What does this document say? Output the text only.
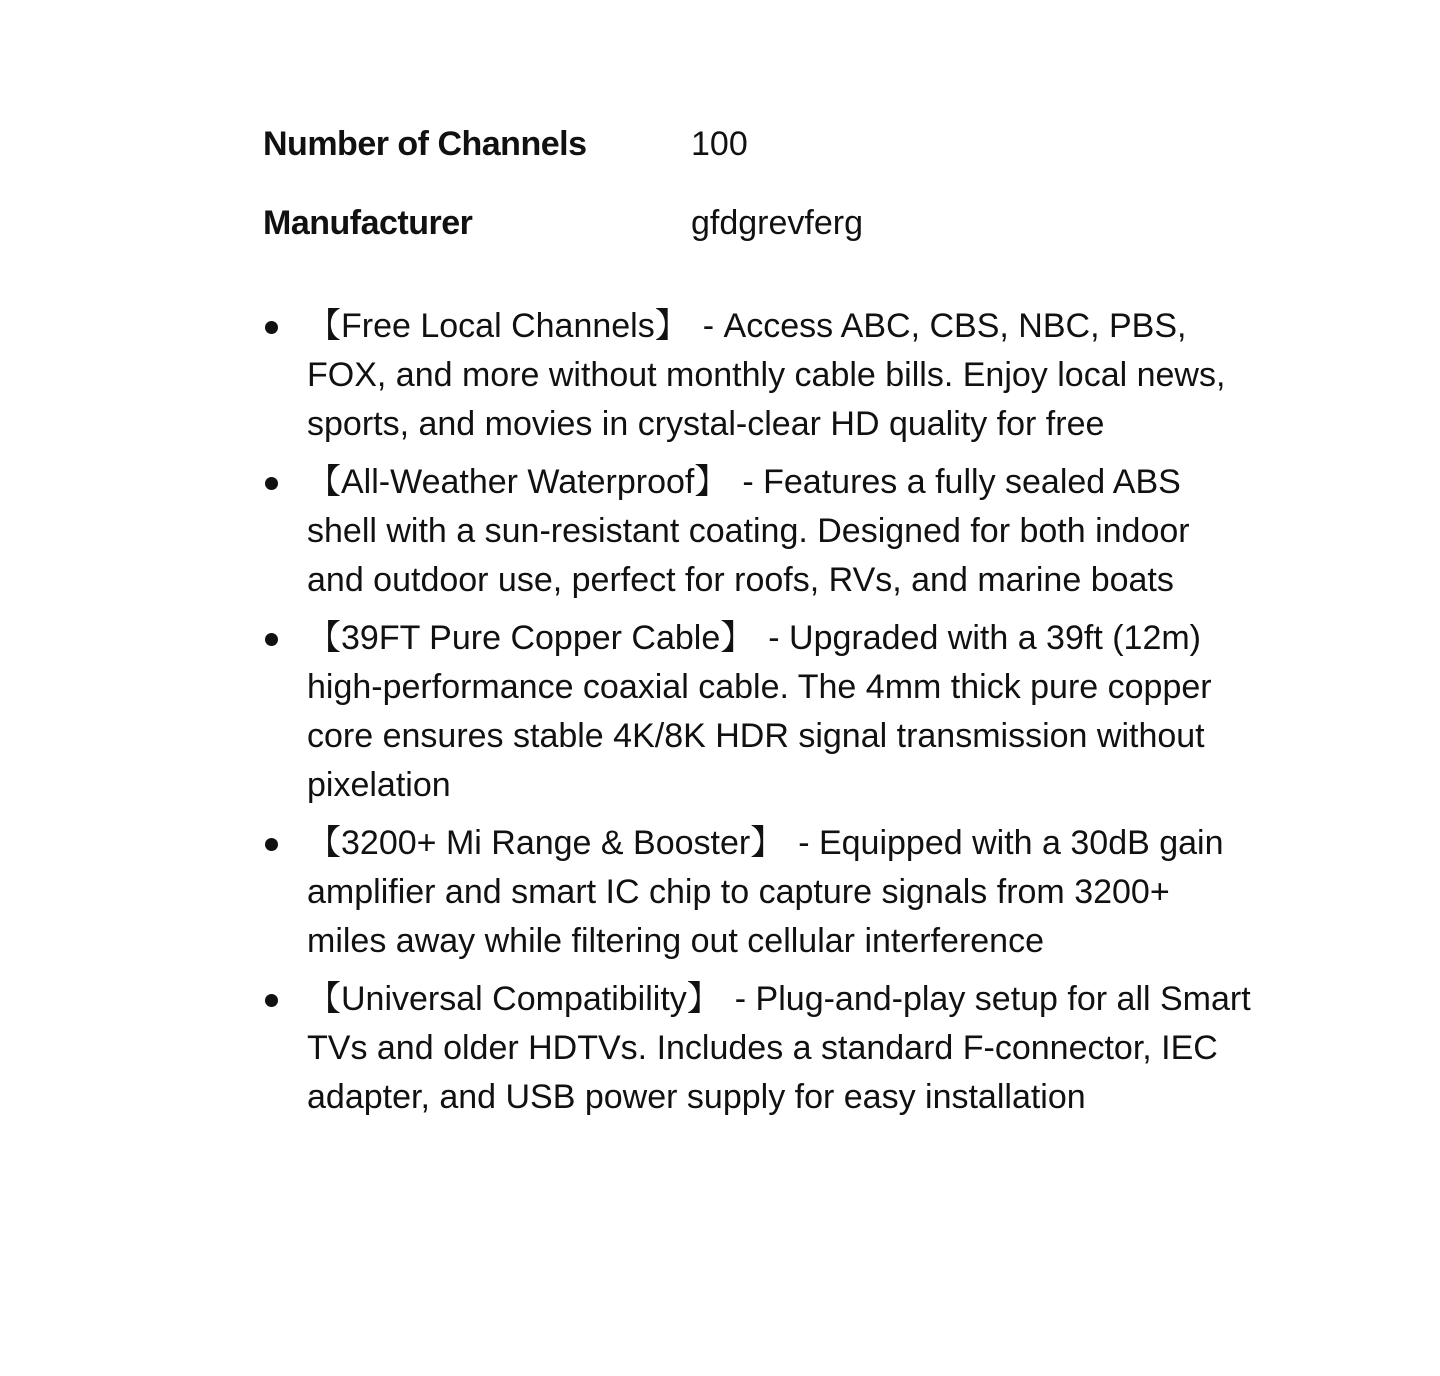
Number of Channels	100
Manufacturer	gfdgrevferg
【Free Local Channels】 - Access ABC, CBS, NBC, PBS, FOX, and more without monthly cable bills. Enjoy local news, sports, and movies in crystal-clear HD quality for free
【All-Weather Waterproof】 - Features a fully sealed ABS shell with a sun-resistant coating. Designed for both indoor and outdoor use, perfect for roofs, RVs, and marine boats
【39FT Pure Copper Cable】 - Upgraded with a 39ft (12m) high-performance coaxial cable. The 4mm thick pure copper core ensures stable 4K/8K HDR signal transmission without pixelation
【3200+ Mi Range & Booster】 - Equipped with a 30dB gain amplifier and smart IC chip to capture signals from 3200+ miles away while filtering out cellular interference
【Universal Compatibility】 - Plug-and-play setup for all Smart TVs and older HDTVs. Includes a standard F-connector, IEC adapter, and USB power supply for easy installation
